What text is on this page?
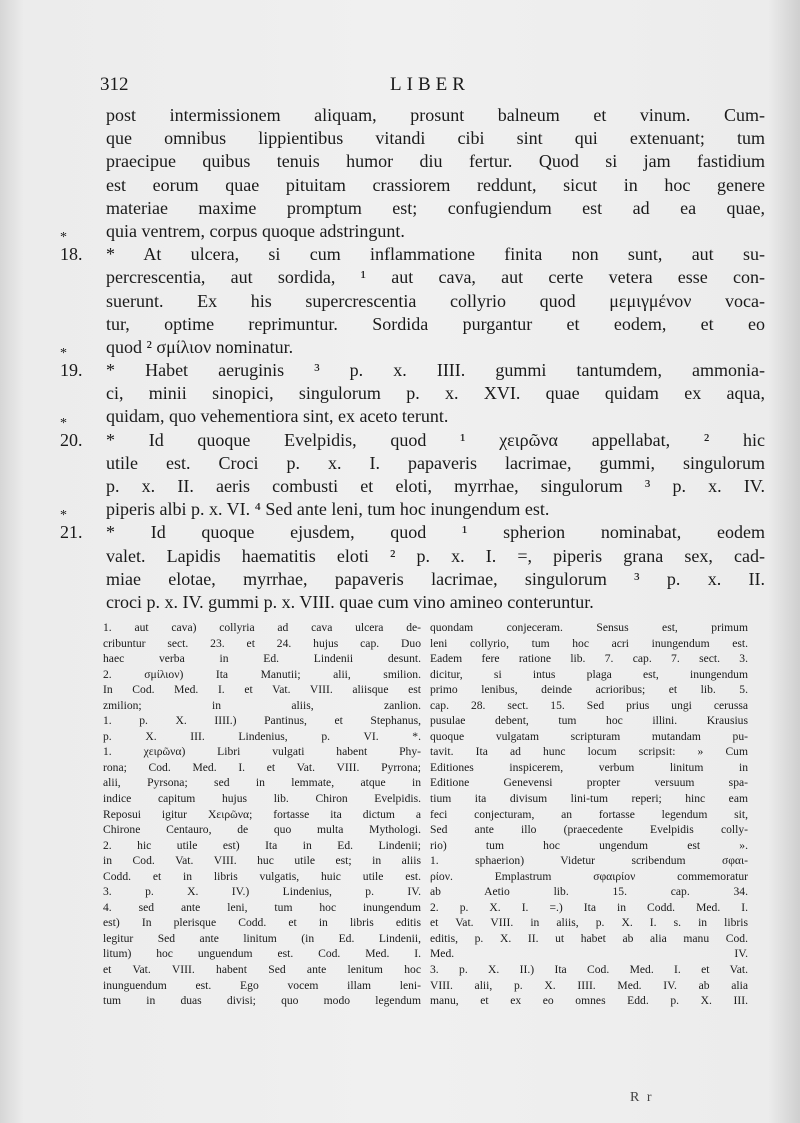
312	LIBER
post intermissionem aliquam, prosunt balneum et vinum. Cum-
que omnibus lippientibus vitandi cibi sint qui extenuant; tum
praecipue quibus tenuis humor diu fertur. Quod si jam fastidium
est eorum quae pituitam crassiorem reddunt, sicut in hoc genere
materiae maxime promptum est; confugiendum est ad ea quae,
quia ventrem, corpus quoque adstringunt.
*
18. * At ulcera, si cum inflammatione finita non sunt, aut su-
percrescentia, aut sordida, ¹ aut cava, aut certe vetera esse con-
suerunt. Ex his supercrescentia collyrio quod μεμιγμένον voca-
tur, optime reprimuntur. Sordida purgantur et eodem, et eo
quod ² σμίλιον nominatur.
*
19. * Habet aeruginis ³ p. x. IIII. gummi tantumdem, ammonia-
ci, minii sinopici, singulorum p. x. XVI. quae quidam ex aqua,
quidam, quo vehementiora sint, ex aceto terunt.
*
20. * Id quoque Evelpidis, quod ¹ χειρῶνα appellabat, ² hic
utile est. Croci p. x. I. papaveris lacrimae, gummi, singulorum
p. x. II. aeris combusti et eloti, myrrhae, singulorum ³ p. x. IV.
piperis albi p. x. VI. ⁴ Sed ante leni, tum hoc inungendum est.
*
21. * Id quoque ejusdem, quod ¹ spherion nominabat, eodem
valet. Lapidis haematitis eloti ² p. x. I. =, piperis grana sex, cad-
miae elotae, myrrhae, papaveris lacrimae, singulorum ³ p. x. II.
croci p. x. IV. gummi p. x. VIII. quae cum vino amineo conteruntur.
1. aut cava) collyria ad cava ulcera de-
cribuntur sect. 23. et 24. hujus cap. Duo
haec verba in Ed. Lindenii desunt.
2. σμίλιον) Ita Manutii; alii, smilion.
In Cod. Med. I. et Vat. VIII. aliisque est
zmilion; in aliis, zanlion.
1. p. X. IIII.) Pantinus, et Stephanus,
p. X. III. Lindenius, p. VI. *.
1. χειρῶνα) Libri vulgati habent Phy-
rona; Cod. Med. I. et Vat. VIII. Pyrrona;
alii, Pyrsona; sed in lemmate, atque in
indice capitum hujus lib. Chiron Evelpidis.
Reposui igitur Χειρῶνα; fortasse ita dictum a
Chirone Centauro, de quo multa Mythologi.
2. hic utile est) Ita in Ed. Lindenii;
in Cod. Vat. VIII. huc utile est; in aliis
Codd. et in libris vulgatis, huic utile est.
3. p. X. IV.) Lindenius, p. IV.
4. sed ante leni, tum hoc inungendum
est) In plerisque Codd. et in libris editis
legitur Sed ante linitum (in Ed. Lindenii,
litum) hoc unguendum est. Cod. Med. I.
et Vat. VIII. habent Sed ante lenitum hoc
inunguendum est. Ego vocem illam leni-
tum in duas divisi; quo modo legendum
quondam conjeceram. Sensus est, primum
leni collyrio, tum hoc acri inungendum est.
Eadem fere ratione lib. 7. cap. 7. sect. 3.
dicitur, si intus plaga est, inungendum
primo lenibus, deinde acrioribus; et lib. 5.
cap. 28. sect. 15. Sed prius ungi cerussa
pusulae debent, tum hoc illini. Krausius
quoque vulgatam scripturam mutandam pu-
tavit. Ita ad hunc locum scripsit: » Cum
Editiones inspicerem, verbum linitum in
Editione Genevensi propter versuum spa-
tium ita divisum lini-tum reperi; hinc eam
feci conjecturam, an fortasse legendum sit,
Sed ante illo (praecedente Evelpidis colly-
rio) tum hoc ungendum est ».
1. sphaerion) Videtur scribendum σφαι-
ρίον. Emplastrum σφαιρίον commemoratur
ab Aetio lib. 15. cap. 34.
2. p. X. I. =.) Ita in Codd. Med. I.
et Vat. VIII. in aliis, p. X. I. s. in libris
editis, p. X. II. ut habet ab alia manu Cod.
Med. IV.
3. p. X. II.) Ita Cod. Med. I. et Vat.
VIII. alii, p. X. IIII. Med. IV. ab alia
manu, et ex eo omnes Edd. p. X. III.
R r
